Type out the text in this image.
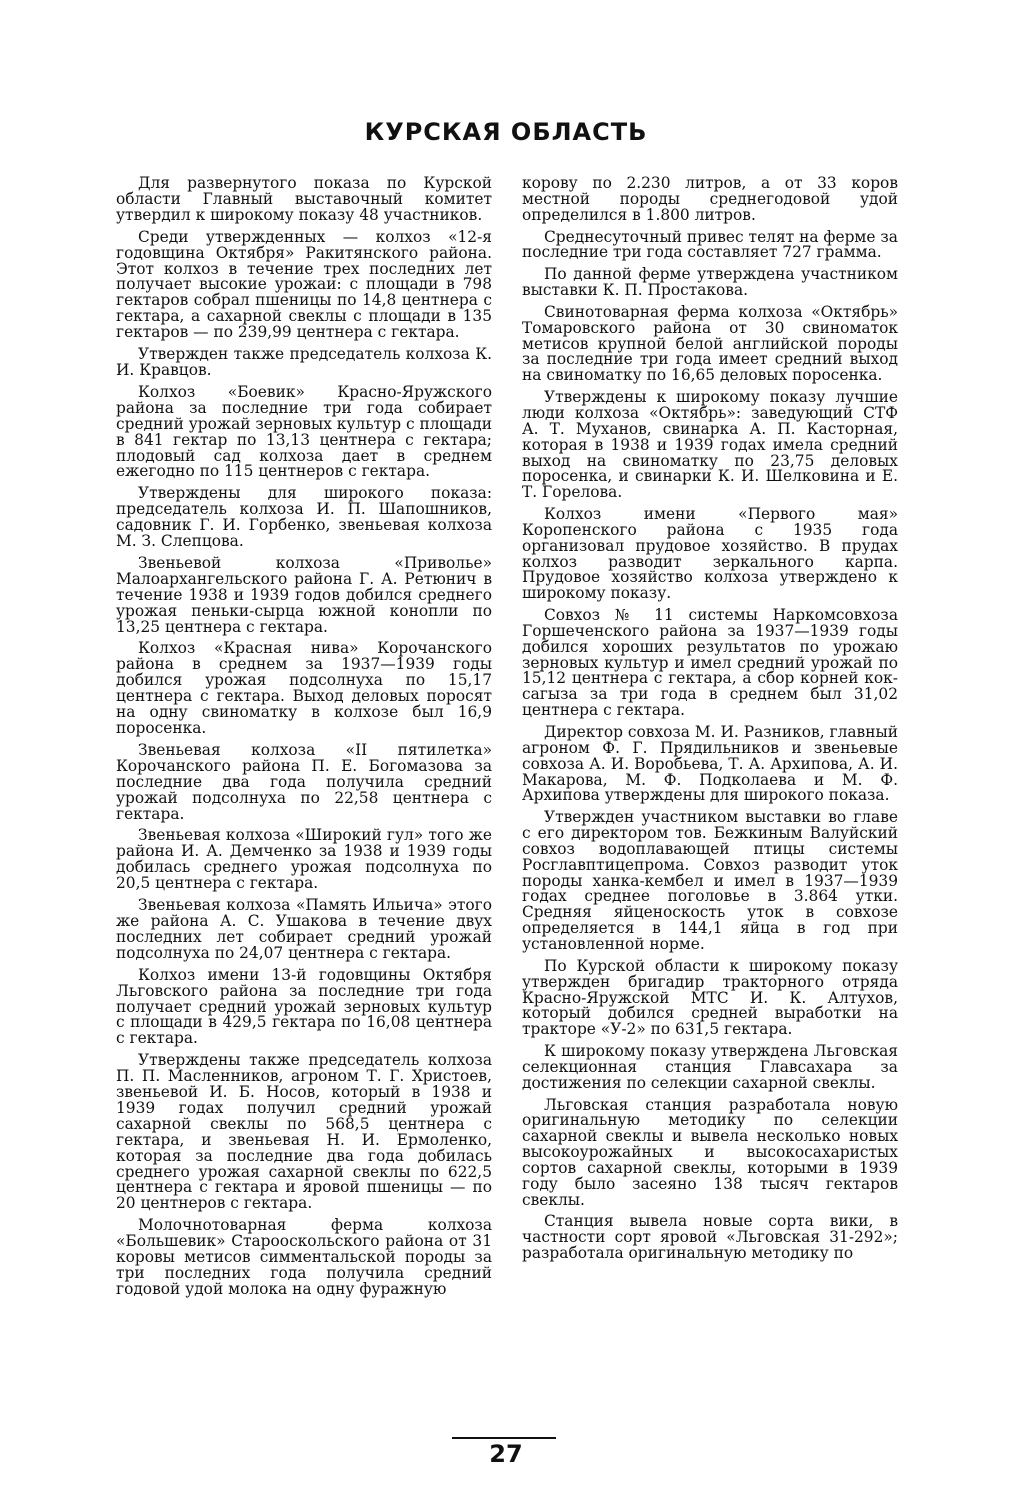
КУРСКАЯ ОБЛАСТЬ

Для развернутого показа по Курской области Главный выставочный комитет утвердил к широкому показу 48 участников.

Среди утвержденных — колхоз «12-я годовщина Октября» Ракитянского района. Этот колхоз в течение трех последних лет получает высокие урожаи: с площади в 798 гектаров собрал пшеницы по 14,8 центнера с гектара, а сахарной свеклы с площади в 135 гектаров — по 239,99 центнера с гектара.

Утвержден также председатель колхоза К. И. Кравцов.

Колхоз «Боевик» Красно-Яружского района за последние три года собирает средний урожай зерновых культур с площади в 841 гектар по 13,13 центнера с гектара; плодовый сад колхоза дает в среднем ежегодно по 115 центнеров с гектара.

Утверждены для широкого показа: председатель колхоза И. П. Шапошников, садовник Г. И. Горбенко, звеньевая колхоза М. З. Слепцова.

Звеньевой колхоза «Приволье» Малоархангельского района Г. А. Ретюнич в течение 1938 и 1939 годов добился среднего урожая пеньки-сырца южной конопли по 13,25 центнера с гектара.

Колхоз «Красная нива» Корочанского района в среднем за 1937—1939 годы добился урожая подсолнуха по 15,17 центнера с гектара. Выход деловых поросят на одну свиноматку в колхозе был 16,9 поросенка.

Звеньевая колхоза «II пятилетка» Корочанского района П. Е. Богомазова за последние два года получила средний урожай подсолнуха по 22,58 центнера с гектара.

Звеньевая колхоза «Широкий гул» того же района И. А. Демченко за 1938 и 1939 годы добилась среднего урожая подсолнуха по 20,5 центнера с гектара.

Звеньевая колхоза «Память Ильича» этого же района А. С. Ушакова в течение двух последних лет собирает средний урожай подсолнуха по 24,07 центнера с гектара.

Колхоз имени 13-й годовщины Октября Льговского района за последние три года получает средний урожай зерновых культур с площади в 429,5 гектара по 16,08 центнера с гектара.

Утверждены также председатель колхоза П. П. Масленников, агроном Т. Г. Христоев, звеньевой И. Б. Носов, который в 1938 и 1939 годах получил средний урожай сахарной свеклы по 568,5 центнера с гектара, и звеньевая Н. И. Ермоленко, которая за последние два года добилась среднего урожая сахарной свеклы по 622,5 центнера с гектара и яровой пшеницы — по 20 центнеров с гектара.

Молочнотоварная ферма колхоза «Большевик» Старооскольского района от 31 коровы метисов симментальской породы за три последних года получила средний годовой удой молока на одну фуражную

корову по 2.230 литров, а от 33 коров местной породы среднегодовой удой определился в 1.800 литров.

Среднесуточный привес телят на ферме за последние три года составляет 727 грамма.

По данной ферме утверждена участником выставки К. П. Простакова.

Свинотоварная ферма колхоза «Октябрь» Томаровского района от 30 свиноматок метисов крупной белой английской породы за последние три года имеет средний выход на свиноматку по 16,65 деловых поросенка.

Утверждены к широкому показу лучшие люди колхоза «Октябрь»: заведующий СТФ А. Т. Муханов, свинарка А. П. Касторная, которая в 1938 и 1939 годах имела средний выход на свиноматку по 23,75 деловых поросенка, и свинарки К. И. Шелковина и Е. Т. Горелова.

Колхоз имени «Первого мая» Коропенского района с 1935 года организовал прудовое хозяйство. В прудах колхоз разводит зеркального карпа. Прудовое хозяйство колхоза утверждено к широкому показу.

Совхоз № 11 системы Наркомсовхоза Горшеченского района за 1937—1939 годы добился хороших результатов по урожаю зерновых культур и имел средний урожай по 15,12 центнера с гектара, а сбор корней кок-сагыза за три года в среднем был 31,02 центнера с гектара.

Директор совхоза М. И. Разников, главный агроном Ф. Г. Прядильников и звеньевые совхоза А. И. Воробьева, Т. А. Архипова, А. И. Макарова, М. Ф. Подколаева и М. Ф. Архипова утверждены для широкого показа.

Утвержден участником выставки во главе с его директором тов. Бежкиным Валуйский совхоз водоплавающей птицы системы Росглавптицепрома. Совхоз разводит уток породы ханка-кембел и имел в 1937—1939 годах среднее поголовье в 3.864 утки. Средняя яйценоскость уток в совхозе определяется в 144,1 яйца в год при установленной норме.

По Курской области к широкому показу утвержден бригадир тракторного отряда Красно-Яружской МТС И. К. Алтухов, который добился средней выработки на тракторе «У-2» по 631,5 гектара.

К широкому показу утверждена Льговская селекционная станция Главсахара за достижения по селекции сахарной свеклы.

Льговская станция разработала новую оригинальную методику по селекции сахарной свеклы и вывела несколько новых высокоурожайных и высокосахаристых сортов сахарной свеклы, которыми в 1939 году было засеяно 138 тысяч гектаров свеклы.

Станция вывела новые сорта вики, в частности сорт яровой «Льговская 31-292»; разработала оригинальную методику по

27
